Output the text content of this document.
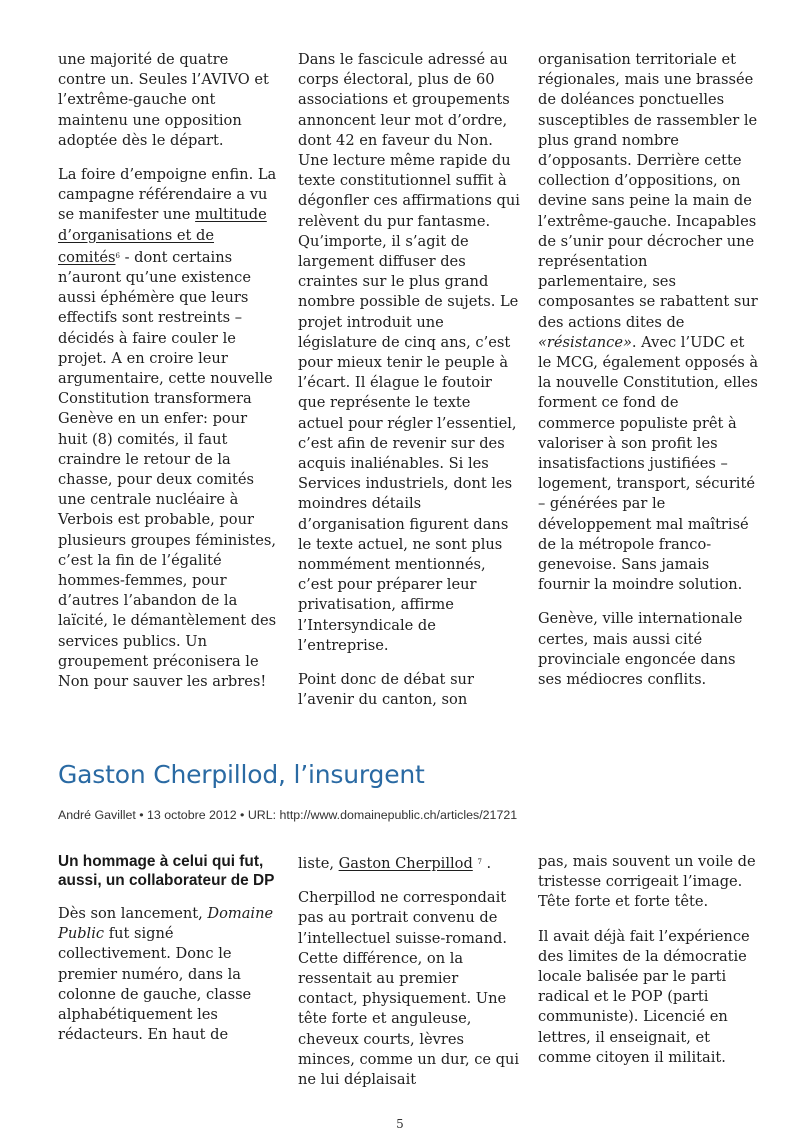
une majorité de quatre contre un. Seules l’AVIVO et l’extrême-gauche ont maintenu une opposition adoptée dès le départ.

La foire d’empoigne enfin. La campagne référendaire a vu se manifester une multitude d’organisations et de comités$^6$ - dont certains n’auront qu’une existence aussi éphémère que leurs effectifs sont restreints – décidés à faire couler le projet. A en croire leur argumentaire, cette nouvelle Constitution transformera Genève en un enfer: pour huit (8) comités, il faut craindre le retour de la chasse, pour deux comités une centrale nucléaire à Verbois est probable, pour plusieurs groupes féministes, c’est la fin de l’égalité hommes-femmes, pour d’autres l’abandon de la laïcité, le démantèlement des services publics. Un groupement préconisera le Non pour sauver les arbres!

Dans le fascicule adressé au corps électoral, plus de 60 associations et groupements annoncent leur mot d’ordre, dont 42 en faveur du Non. Une lecture même rapide du texte constitutionnel suffit à dégonfler ces affirmations qui relèvent du pur fantasme. Qu’importe, il s’agit de largement diffuser des craintes sur le plus grand nombre possible de sujets. Le projet introduit une législature de cinq ans, c’est pour mieux tenir le peuple à l’écart. Il élague le foutoir que représente le texte actuel pour régler l’essentiel, c’est afin de revenir sur des acquis inaliénables. Si les Services industriels, dont les moindres détails d’organisation figurent dans le texte actuel, ne sont plus nommément mentionnés, c’est pour préparer leur privatisation, affirme l’Intersyndicale de l’entreprise.

Point donc de débat sur l’avenir du canton, son

organisation territoriale et régionales, mais une brassée de doléances ponctuelles susceptibles de rassembler le plus grand nombre d’opposants. Derrière cette collection d’oppositions, on devine sans peine la main de l’extrême-gauche. Incapables de s’unir pour décrocher une représentation parlementaire, ses composantes se rabattent sur des actions dites de «résistance». Avec l’UDC et le MCG, également opposés à la nouvelle Constitution, elles forment ce fond de commerce populiste prêt à valoriser à son profit les insatisfactions justifiées – logement, transport, sécurité – générées par le développement mal maîtrisé de la métropole franco-genevoise. Sans jamais fournir la moindre solution.

Genève, ville internationale certes, mais aussi cité provinciale engoncée dans ses médiocres conflits.

Gaston Cherpillod, l’insurgent
André Gavillet • 13 octobre 2012 • URL: http://www.domainepublic.ch/articles/21721

Un hommage à celui qui fut, aussi, un collaborateur de DP

Dès son lancement, Domaine Public fut signé collectivement. Donc le premier numéro, dans la colonne de gauche, classe alphabétiquement les rédacteurs. En haut de

liste, Gaston Cherpillod $^7$ .

Cherpillod ne correspondait pas au portrait convenu de l’intellectuel suisse-romand. Cette différence, on la ressentait au premier contact, physiquement. Une tête forte et anguleuse, cheveux courts, lèvres minces, comme un dur, ce qui ne lui déplaisait

pas, mais souvent un voile de tristesse corrigeait l’image. Tête forte et forte tête.

Il avait déjà fait l’expérience des limites de la démocratie locale balisée par le parti radical et le POP (parti communiste). Licencié en lettres, il enseignait, et comme citoyen il militait.

5
